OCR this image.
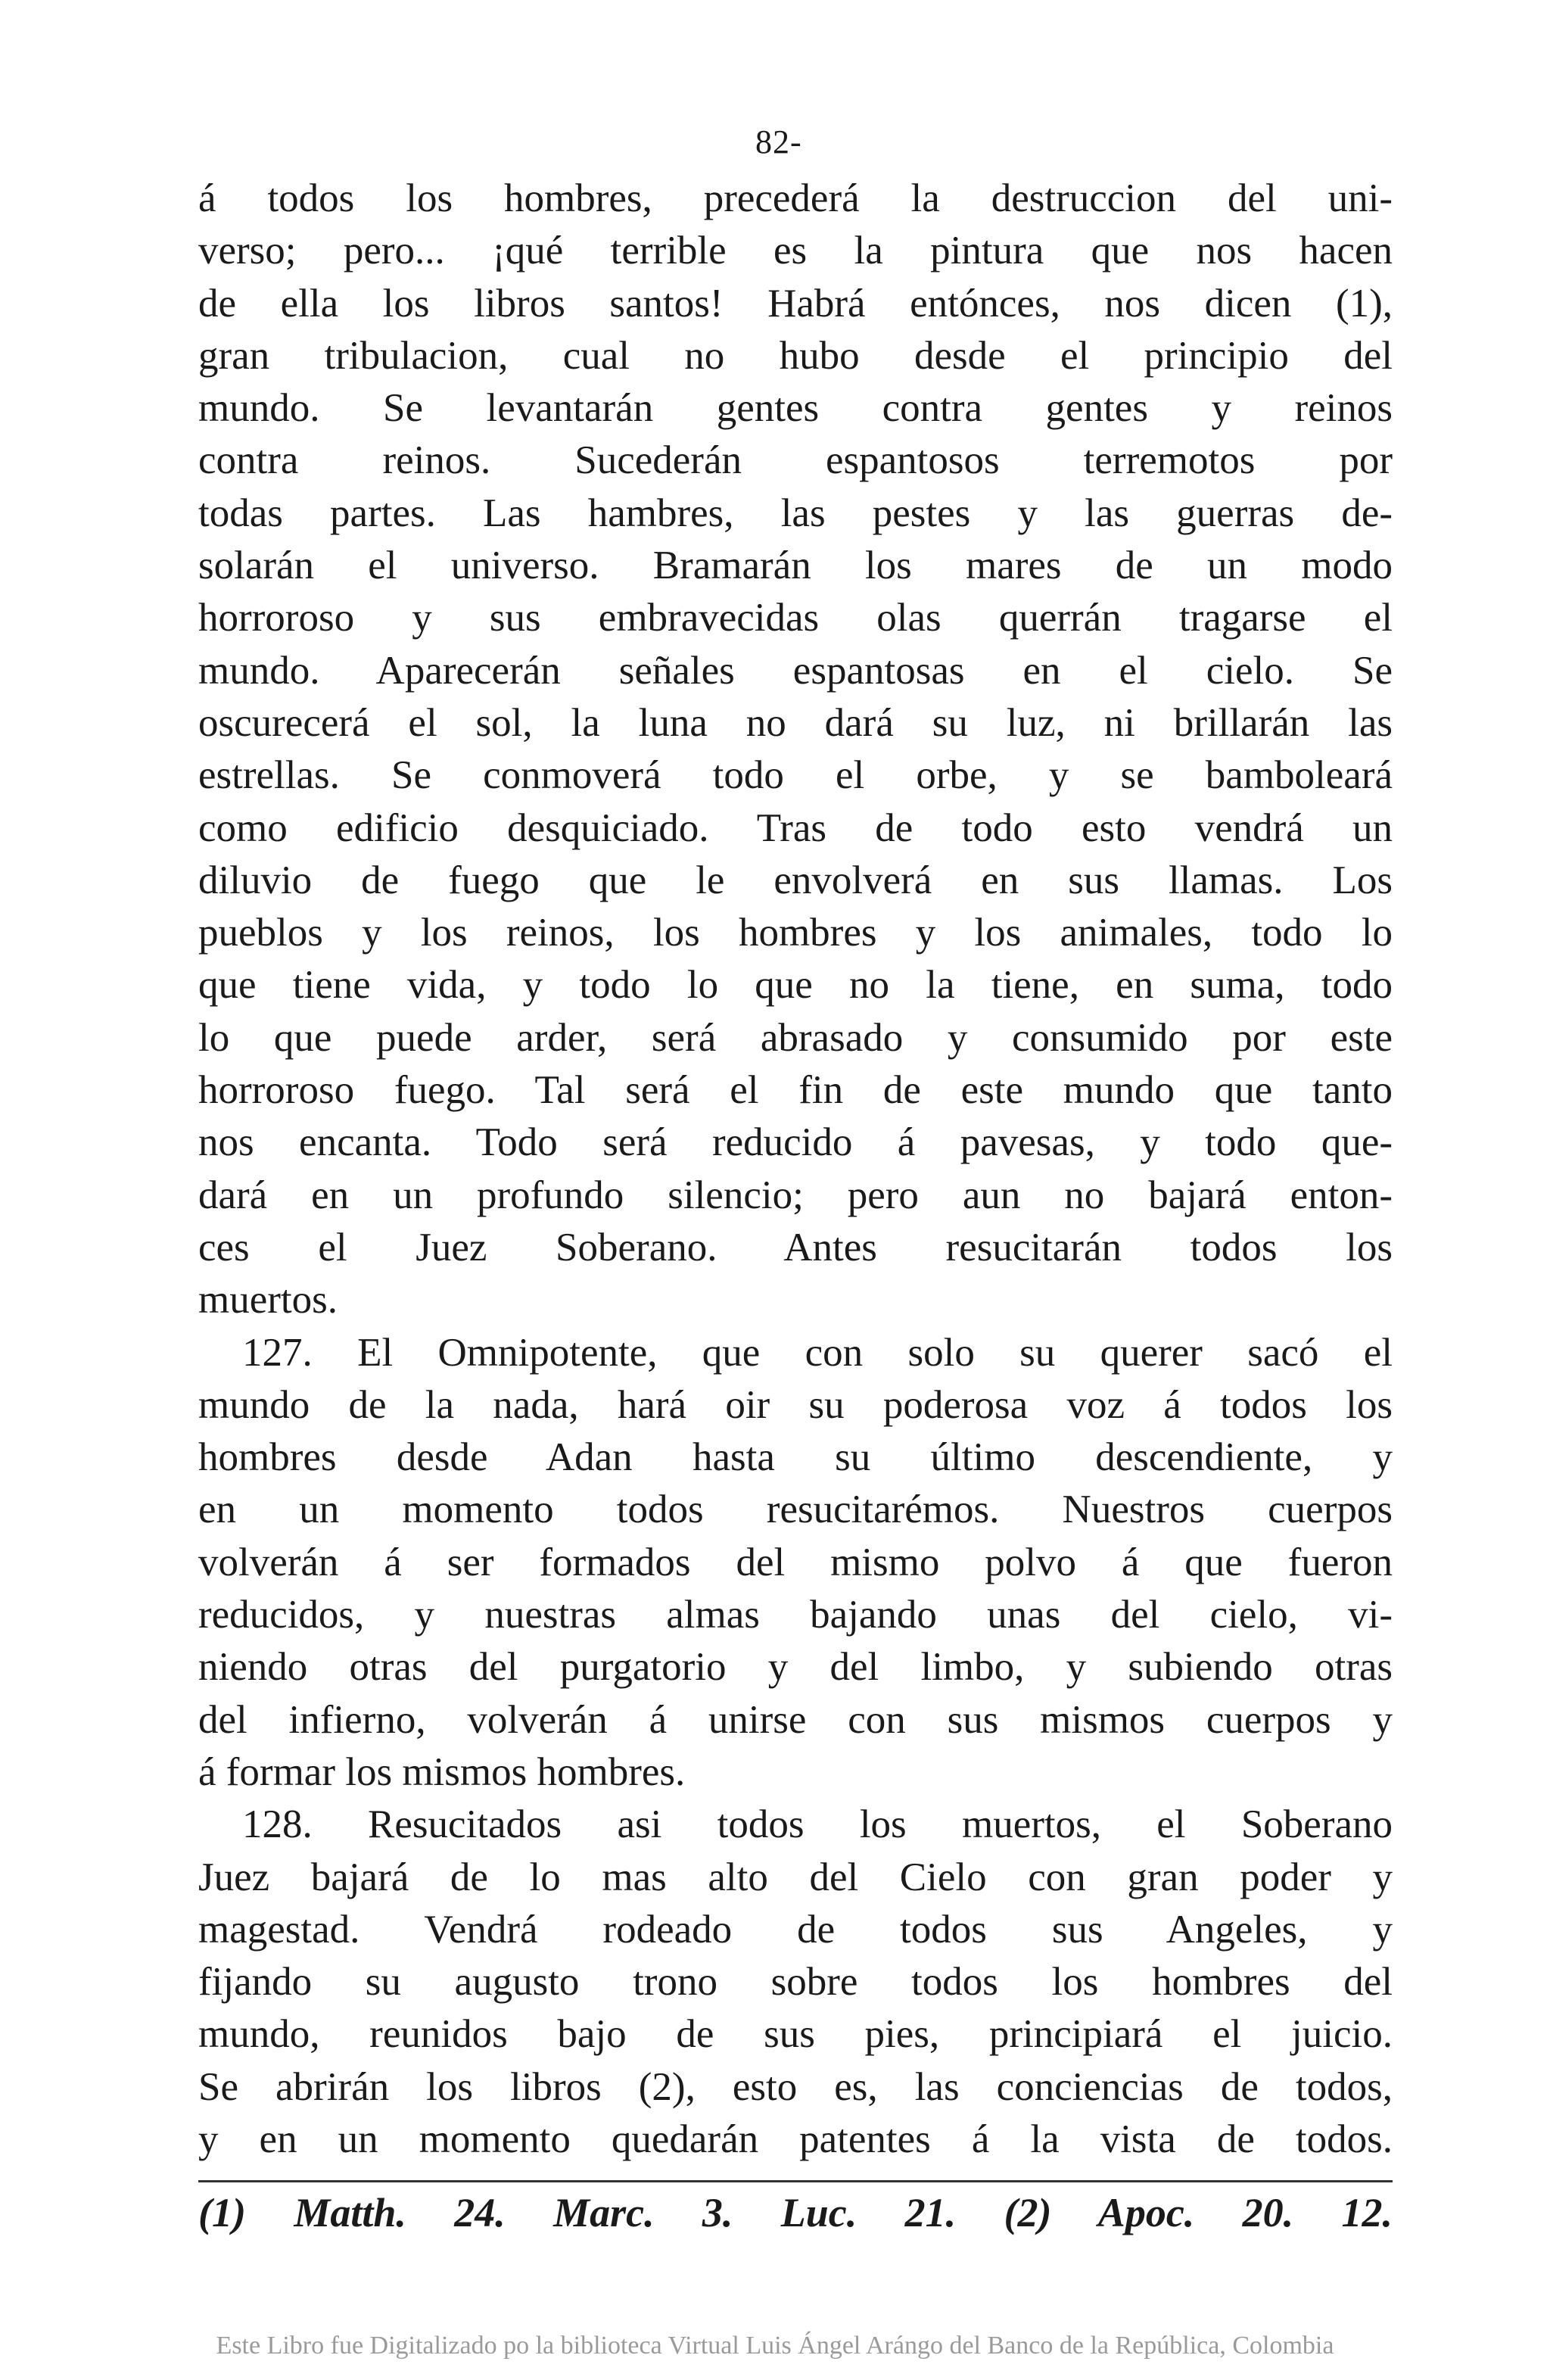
82-
á todos los hombres, precederá la destruccion del uni-
verso; pero... ¡qué terrible es la pintura que nos hacen
de ella los libros santos! Habrá entónces, nos dicen (1),
gran tribulacion, cual no hubo desde el principio del
mundo. Se levantarán gentes contra gentes y reinos
contra reinos. Sucederán espantosos terremotos por
todas partes. Las hambres, las pestes y las guerras de-
solarán el universo. Bramarán los mares de un modo
horroroso y sus embravecidas olas querrán tragarse el
mundo. Aparecerán señales espantosas en el cielo. Se
oscurecerá el sol, la luna no dará su luz, ni brillarán las
estrellas. Se conmoverá todo el orbe, y se bamboleará
como edificio desquiciado. Tras de todo esto vendrá un
diluvio de fuego que le envolverá en sus llamas. Los
pueblos y los reinos, los hombres y los animales, todo lo
que tiene vida, y todo lo que no la tiene, en suma, todo
lo que puede arder, será abrasado y consumido por este
horroroso fuego. Tal será el fin de este mundo que tanto
nos encanta. Todo será reducido á pavesas, y todo que-
dará en un profundo silencio; pero aun no bajará enton-
ces el Juez Soberano. Antes resucitarán todos los
muertos.
127. El Omnipotente, que con solo su querer sacó el
mundo de la nada, hará oir su poderosa voz á todos los
hombres desde Adan hasta su último descendiente, y
en un momento todos resucitarémos. Nuestros cuerpos
volverán á ser formados del mismo polvo á que fueron
reducidos, y nuestras almas bajando unas del cielo, vi-
niendo otras del purgatorio y del limbo, y subiendo otras
del infierno, volverán á unirse con sus mismos cuerpos y
á formar los mismos hombres.
128. Resucitados asi todos los muertos, el Soberano
Juez bajará de lo mas alto del Cielo con gran poder y
magestad. Vendrá rodeado de todos sus Angeles, y
fijando su augusto trono sobre todos los hombres del
mundo, reunidos bajo de sus pies, principiará el juicio.
Se abrirán los libros (2), esto es, las conciencias de todos,
y en un momento quedarán patentes á la vista de todos.
(1) Matth. 24. Marc. 3. Luc. 21. (2) Apoc. 20. 12.
Este Libro fue Digitalizado po la biblioteca Virtual Luis Ángel Arángo del Banco de la República, Colombia
